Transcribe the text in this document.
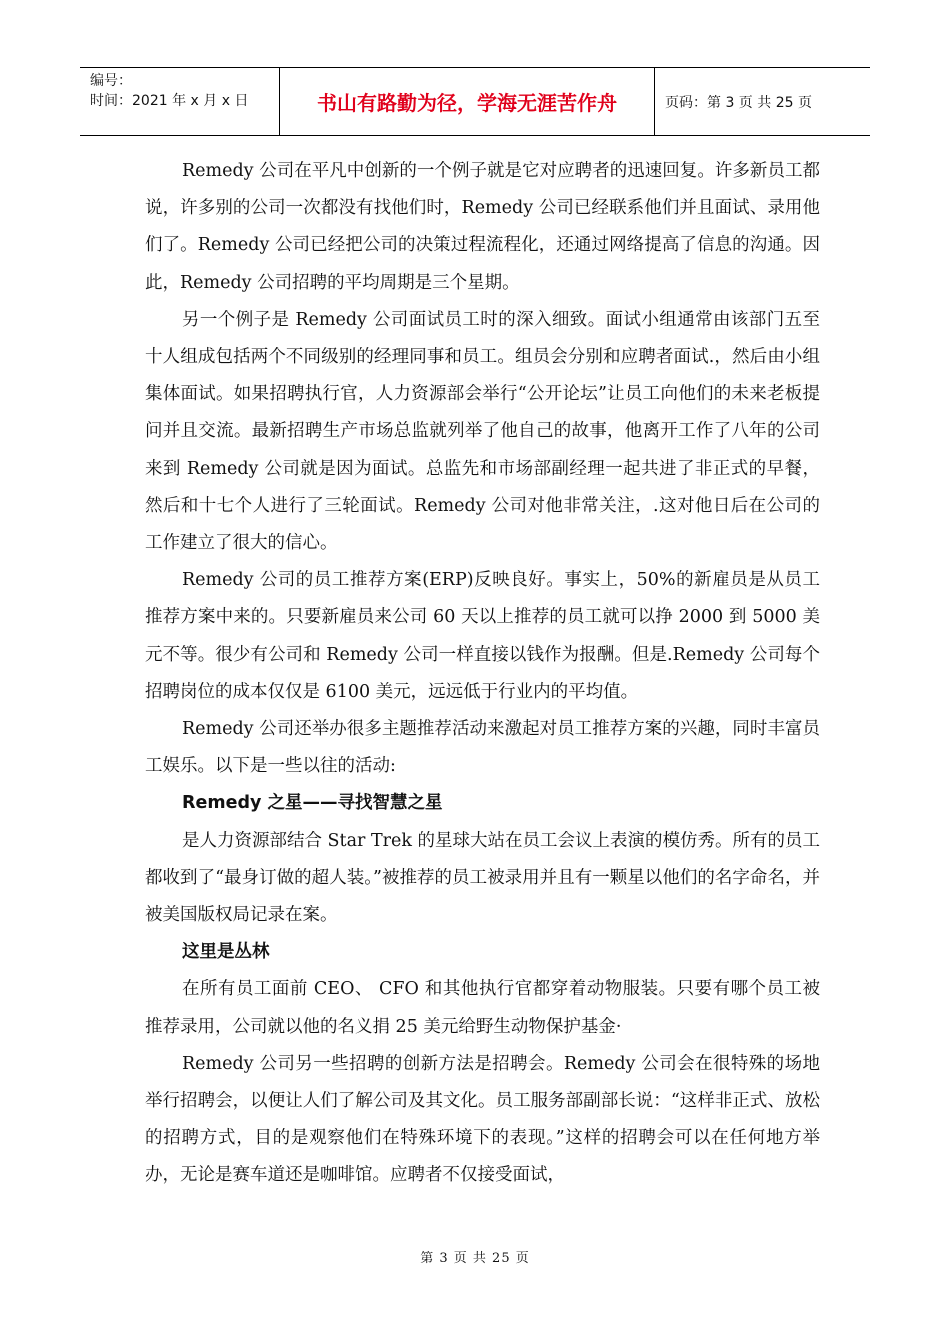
编号：
时间：2021 年 x 月 x 日	书山有路勤为径，学海无涯苦作舟	页码：第 3 页 共 25 页

Remedy 公司在平凡中创新的一个例子就是它对应聘者的迅速回复。许多新员工都说，许多别的公司一次都没有找他们时，Remedy 公司已经联系他们并且面试、录用他们了。Remedy 公司已经把公司的决策过程流程化，还通过网络提高了信息的沟通。因此，Remedy 公司招聘的平均周期是三个星期。

另一个例子是 Remedy 公司面试员工时的深入细致。面试小组通常由该部门五至十人组成包括两个不同级别的经理同事和员工。组员会分别和应聘者面试.，然后由小组集体面试。如果招聘执行官，人力资源部会举行“公开论坛”让员工向他们的未来老板提问并且交流。最新招聘生产市场总监就列举了他自己的故事，他离开工作了八年的公司来到 Remedy 公司就是因为面试。总监先和市场部副经理一起共进了非正式的早餐，然后和十七个人进行了三轮面试。Remedy 公司对他非常关注，.这对他日后在公司的工作建立了很大的信心。

Remedy 公司的员工推荐方案(ERP)反映良好。事实上，50%的新雇员是从员工推荐方案中来的。只要新雇员来公司 60 天以上推荐的员工就可以挣 2000 到 5000 美元不等。很少有公司和 Remedy 公司一样直接以钱作为报酬。但是.Remedy 公司每个招聘岗位的成本仅仅是 6100 美元，远远低于行业内的平均值。

Remedy 公司还举办很多主题推荐活动来激起对员工推荐方案的兴趣，同时丰富员工娱乐。以下是一些以往的活动:

Remedy 之星——寻找智慧之星

是人力资源部结合 Star Trek 的星球大站在员工会议上表演的模仿秀。所有的员工都收到了“最身订做的超人装。”被推荐的员工被录用并且有一颗星以他们的名字命名，并被美国版权局记录在案。

这里是丛林

在所有员工面前 CEO、 CFO 和其他执行官都穿着动物服装。只要有哪个员工被推荐录用，公司就以他的名义捐 25 美元给野生动物保护基金·

Remedy 公司另一些招聘的创新方法是招聘会。Remedy 公司会在很特殊的场地举行招聘会，以便让人们了解公司及其文化。员工服务部副部长说：“这样非正式、放松的招聘方式，目的是观察他们在特殊环境下的表现。”这样的招聘会可以在任何地方举办，无论是赛车道还是咖啡馆。应聘者不仅接受面试，

第 3 页 共 25 页
